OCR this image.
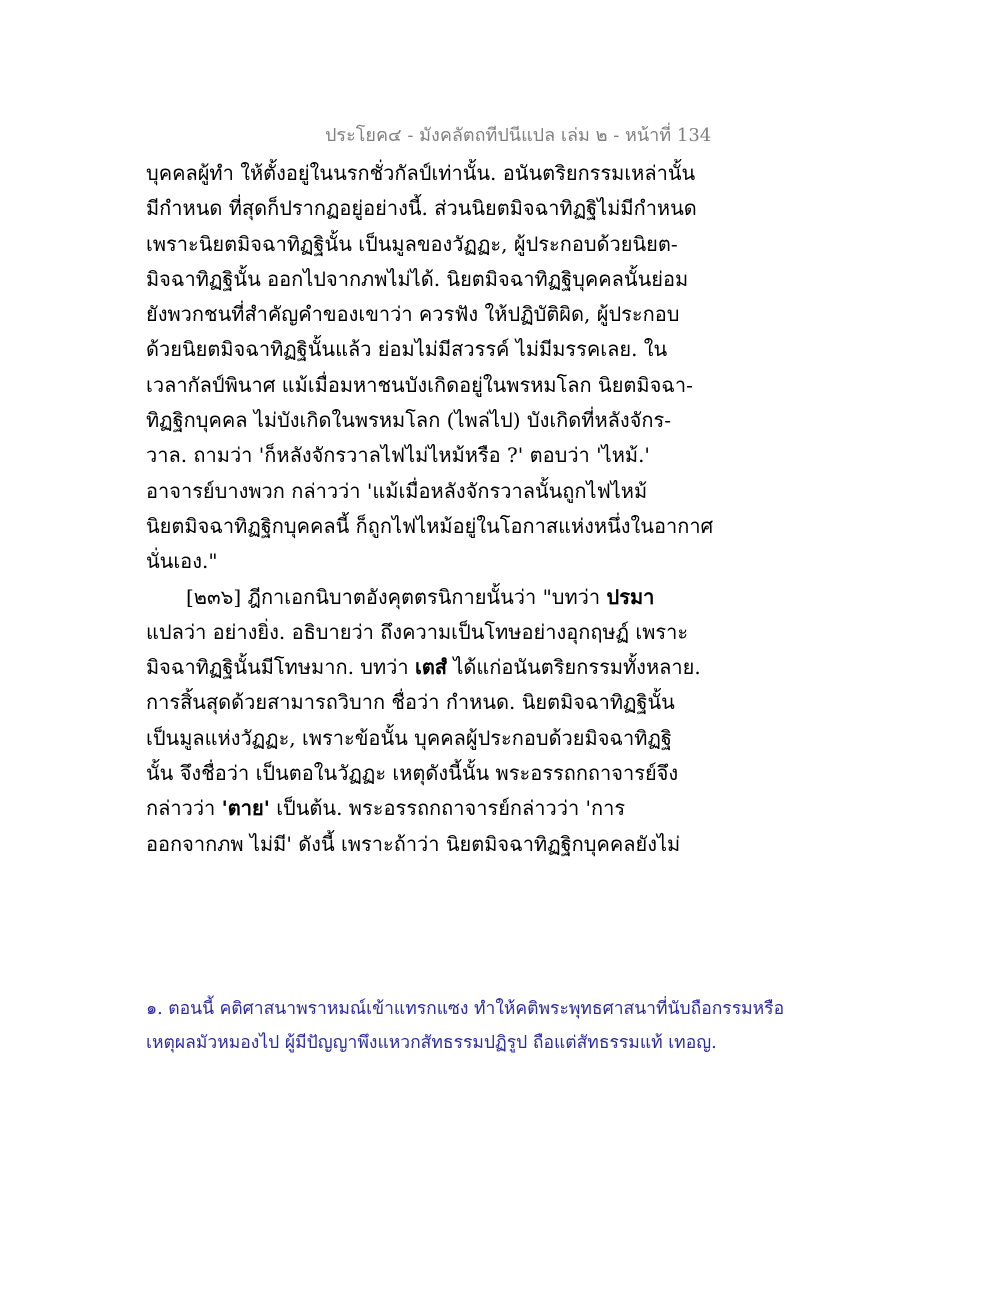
ประโยค๔ - มังคลัตถทีปนีแปล เล่ม ๒ - หน้าที่ 134
บุคคลผู้ทำ ให้ตั้งอยู่ในนรกชั่วกัลป์เท่านั้น. อนันตริยกรรมเหล่านั้น
มีกำหนด ที่สุดก็ปรากฏอยู่อย่างนี้. ส่วนนิยตมิจฉาทิฏฐิไม่มีกำหนด
เพราะนิยตมิจฉาทิฏฐินั้น เป็นมูลของวัฏฏะ, ผู้ประกอบด้วยนิยต-
มิจฉาทิฏฐินั้น ออกไปจากภพไม่ได้. นิยตมิจฉาทิฏฐิบุคคลนั้นย่อม
ยังพวกชนที่สำคัญคำของเขาว่า ควรฟัง ให้ปฏิบัติผิด, ผู้ประกอบ
ด้วยนิยตมิจฉาทิฏฐินั้นแล้ว ย่อมไม่มีสวรรค์ ไม่มีมรรคเลย. ใน
เวลากัลป์พินาศ แม้เมื่อมหาชนบังเกิดอยู่ในพรหมโลก นิยตมิจฉา-
ทิฏฐิกบุคคล ไม่บังเกิดในพรหมโลก (ไพล่ไป) บังเกิดที่หลังจักร-
วาล. ถามว่า 'ก็หลังจักรวาลไฟไม่ไหม้หรือ ?' ตอบว่า 'ไหม้.'
อาจารย์บางพวก กล่าวว่า 'แม้เมื่อหลังจักรวาลนั้นถูกไฟไหม้
นิยตมิจฉาทิฏฐิกบุคคลนี้ ก็ถูกไฟไหม้อยู่ในโอกาสแห่งหนึ่งในอากาศ
นั่นเอง."
[๒๓๖] ฎีกาเอกนิบาตอังคุตตรนิกายนั้นว่า "บทว่า ปรมา
แปลว่า อย่างยิ่ง. อธิบายว่า ถึงความเป็นโทษอย่างอุกฤษฏ์ เพราะ
มิจฉาทิฏฐินั้นมีโทษมาก. บทว่า เตสํ ได้แก่อนันตริยกรรมทั้งหลาย.
การสิ้นสุดด้วยสามารถวิบาก ชื่อว่า กำหนด. นิยตมิจฉาทิฏฐินั้น
เป็นมูลแห่งวัฏฏะ, เพราะข้อนั้น บุคคลผู้ประกอบด้วยมิจฉาทิฏฐิ
นั้น จึงชื่อว่า เป็นตอในวัฏฏะ เหตุดังนี้นั้น พระอรรถกถาจารย์จึง
กล่าวว่า 'ตาย' เป็นต้น. พระอรรถกถาจารย์กล่าวว่า 'การ
ออกจากภพ ไม่มี' ดังนี้ เพราะถ้าว่า นิยตมิจฉาทิฏฐิกบุคคลยังไม่
๑. ตอนนี้ คติศาสนาพราหมณ์เข้าแทรกแซง ทำให้คติพระพุทธศาสนาที่นับถือกรรมหรือ
เหตุผลมัวหมองไป ผู้มีปัญญาพึงแหวกสัทธรรมปฏิรูป ถือแต่สัทธรรมแท้ เทอญ.
